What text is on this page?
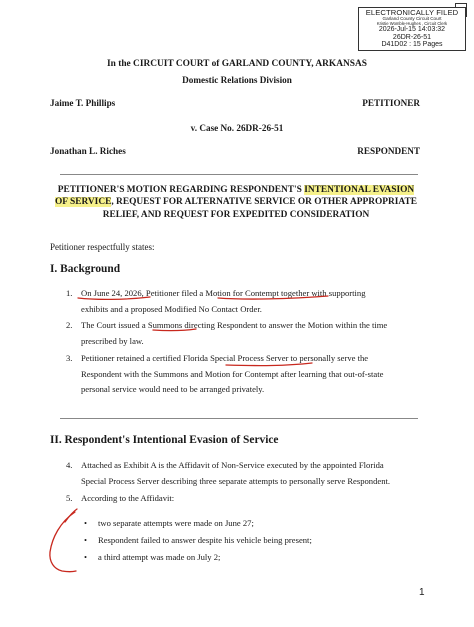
ELECTRONICALLY FILED
Garland County Circuit Court
Kristie Womble-Hughes , Circuit Clerk
2026-Jul-15 14:03:32
26DR-26-51
D41D02 : 15 Pages
In the CIRCUIT COURT of GARLAND COUNTY, ARKANSAS
Domestic Relations Division
Jaime T. Phillips	PETITIONER
v. Case No. 26DR-26-51
Jonathan L. Riches	RESPONDENT
PETITIONER'S MOTION REGARDING RESPONDENT'S INTENTIONAL EVASION
OF SERVICE, REQUEST FOR ALTERNATIVE SERVICE OR OTHER APPROPRIATE
RELIEF, AND REQUEST FOR EXPEDITED CONSIDERATION
Petitioner respectfully states:
I. Background
1. On June 24, 2026, Petitioner filed a Motion for Contempt together with supporting
exhibits and a proposed Modified No Contact Order.
2. The Court issued a Summons directing Respondent to answer the Motion within the time
prescribed by law.
3. Petitioner retained a certified Florida Special Process Server to personally serve the
Respondent with the Summons and Motion for Contempt after learning that out-of-state
personal service would need to be arranged privately.
II. Respondent's Intentional Evasion of Service
4. Attached as Exhibit A is the Affidavit of Non-Service executed by the appointed Florida
Special Process Server describing three separate attempts to personally serve Respondent.
5. According to the Affidavit:
• two separate attempts were made on June 27;
• Respondent failed to answer despite his vehicle being present;
• a third attempt was made on July 2;
1
